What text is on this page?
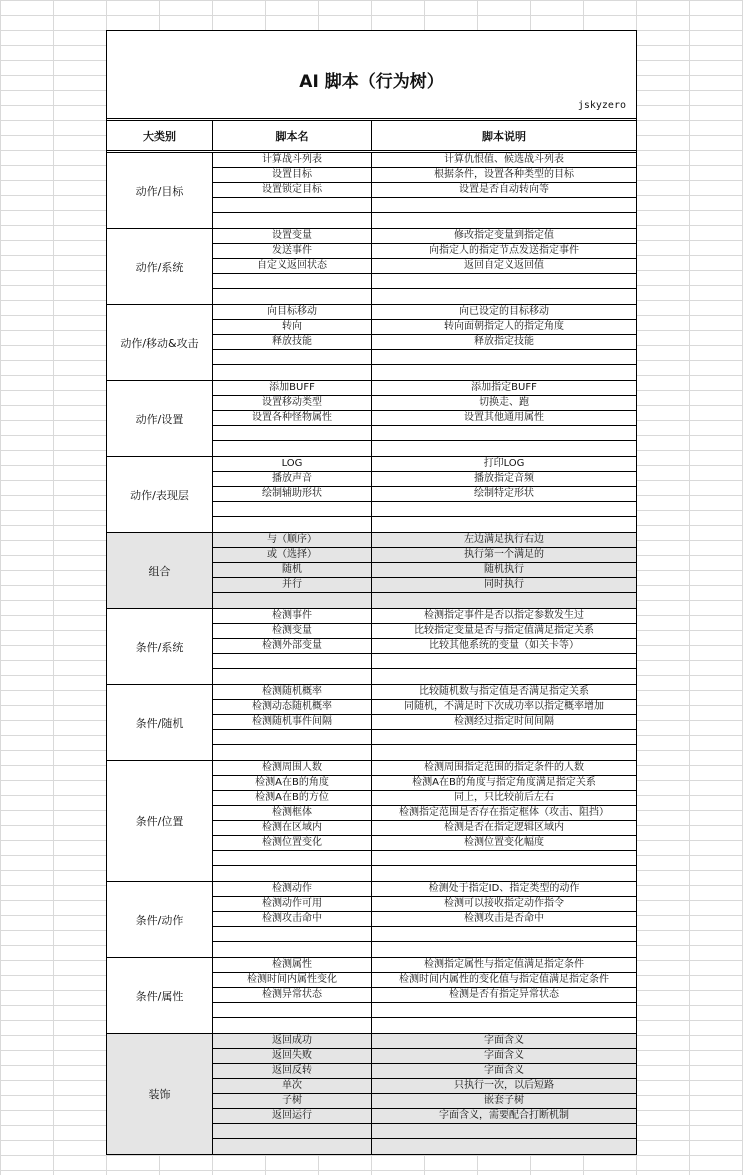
AI 脚本（行为树）
jskyzero
大类别	脚本名	脚本说明
动作/目标
计算战斗列表	计算仇恨值、候选战斗列表
设置目标	根据条件，设置各种类型的目标
设置锁定目标	设置是否自动转向等
动作/系统
设置变量	修改指定变量到指定值
发送事件	向指定人的指定节点发送指定事件
自定义返回状态	返回自定义返回值
动作/移动&攻击
向目标移动	向已设定的目标移动
转向	转向面朝指定人的指定角度
释放技能	释放指定技能
动作/设置
添加BUFF	添加指定BUFF
设置移动类型	切换走、跑
设置各种怪物属性	设置其他通用属性
动作/表现层
LOG	打印LOG
播放声音	播放指定音频
绘制辅助形状	绘制特定形状
组合
与（顺序）	左边满足执行右边
或（选择）	执行第一个满足的
随机	随机执行
并行	同时执行
条件/系统
检测事件	检测指定事件是否以指定参数发生过
检测变量	比较指定变量是否与指定值满足指定关系
检测外部变量	比较其他系统的变量（如关卡等）
条件/随机
检测随机概率	比较随机数与指定值是否满足指定关系
检测动态随机概率	同随机，不满足时下次成功率以指定概率增加
检测随机事件间隔	检测经过指定时间间隔
条件/位置
检测周围人数	检测周围指定范围的指定条件的人数
检测A在B的角度	检测A在B的角度与指定角度满足指定关系
检测A在B的方位	同上，只比较前后左右
检测框体	检测指定范围是否存在指定框体（攻击、阻挡）
检测在区域内	检测是否在指定逻辑区域内
检测位置变化	检测位置变化幅度
条件/动作
检测动作	检测处于指定ID、指定类型的动作
检测动作可用	检测可以接收指定动作指令
检测攻击命中	检测攻击是否命中
条件/属性
检测属性	检测指定属性与指定值满足指定条件
检测时间内属性变化	检测时间内属性的变化值与指定值满足指定条件
检测异常状态	检测是否有指定异常状态
装饰
返回成功	字面含义
返回失败	字面含义
返回反转	字面含义
单次	只执行一次，以后短路
子树	嵌套子树
返回运行	字面含义，需要配合打断机制
